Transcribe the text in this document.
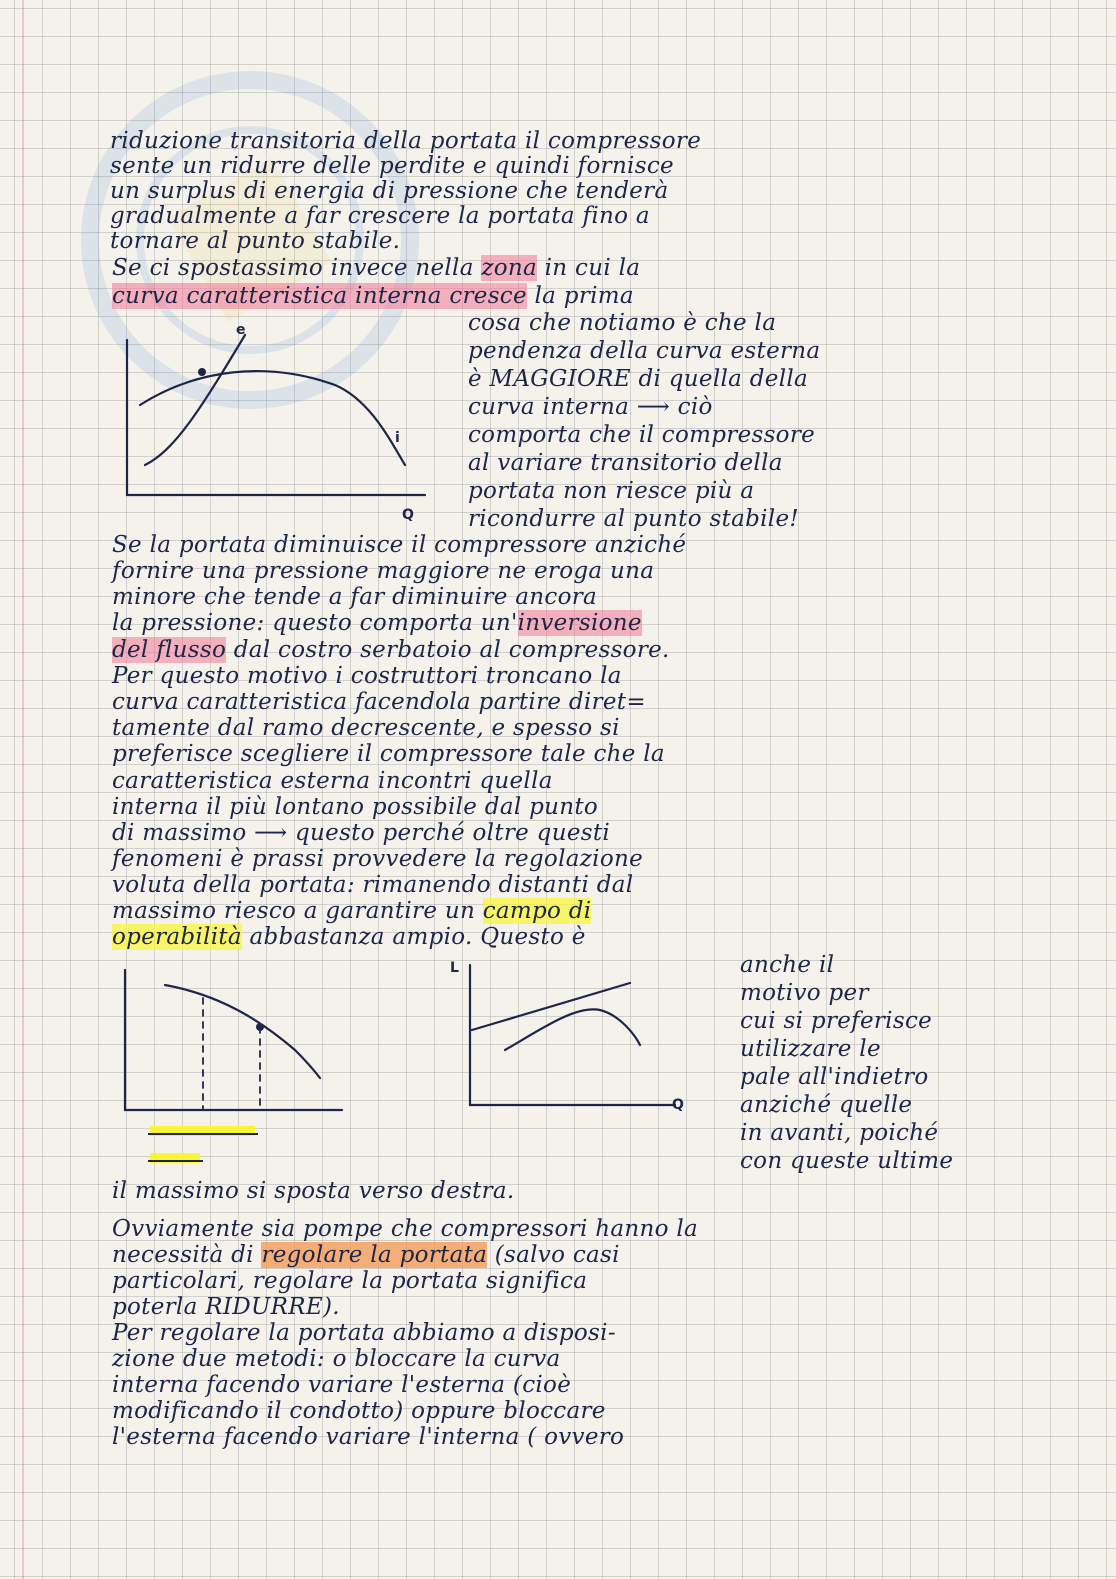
riduzione transitoria della portata il compressore
sente un ridurre delle perdite e quindi fornisce
un surplus di energia di pressione che tenderà
gradualmente a far crescere la portata fino a
tornare al punto stabile.
Se ci spostassimo invece nella zona in cui la
curva caratteristica interna cresce la prima
cosa che notiamo è che la
pendenza della curva esterna
è MAGGIORE di quella della
curva interna ⟶ ciò
comporta che il compressore
al variare transitorio della
portata non riesce più a
ricondurre al punto stabile!
Se la portata diminuisce il compressore anziché
fornire una pressione maggiore ne eroga una
minore che tende a far diminuire ancora
la pressione: questo comporta un'inversione
del flusso dal costro serbatoio al compressore.
Per questo motivo i costruttori troncano la
curva caratteristica facendola partire diret=
tamente dal ramo decrescente, e spesso si
preferisce scegliere il compressore tale che la
caratteristica esterna incontri quella
interna il più lontano possibile dal punto
di massimo ⟶ questo perché oltre questi
fenomeni è prassi provvedere la regolazione
voluta della portata: rimanendo distanti dal
massimo riesco a garantire un campo di
operabilità abbastanza ampio. Questo è
anche il
motivo per
cui si preferisce
utilizzare le
pale all'indietro
anziché quelle
in avanti, poiché
con queste ultime
il massimo si sposta verso destra.
Ovviamente sia pompe che compressori hanno la
necessità di regolare la portata (salvo casi
particolari, regolare la portata significa
poterla RIDURRE).
Per regolare la portata abbiamo a disposi-
zione due metodi: o bloccare la curva
interna facendo variare l'esterna (cioè
modificando il condotto) oppure bloccare
l'esterna facendo variare l'interna ( ovvero
e
i
Q
L
Q
